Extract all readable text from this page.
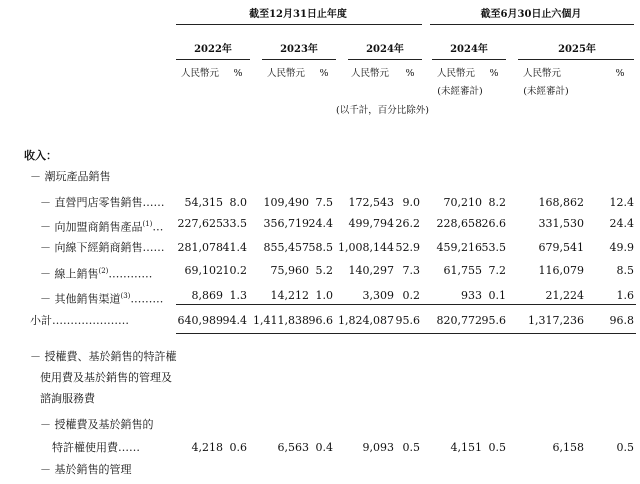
截至12月31日止年度	截至6月30日止六個月
2022年	2023年	2024年	2024年	2025年
人民幣元	%	人民幣元	%	人民幣元	%	人民幣元	%	人民幣元	%
(未經審計)	(未經審計)
(以千計，百分比除外)
收入：
－ 潮玩產品銷售
－ 直營門店零售銷售…… 54,315 8.0 109,490 7.5 172,543 9.0 70,210 8.2	168,862 12.4
－ 向加盟商銷售產品$^{(1)}$… 227,625 33.5 356,719 24.4 499,794 26.2 228,658 26.6	331,530 24.4
－ 向線下經銷商銷售…… 281,078 41.4 855,457 58.5 1,008,144 52.9 459,216 53.5	679,541 49.9
－ 線上銷售$^{(2)}$…………	69,102 10.2 75,960 5.2 140,297 7.3 61,755 7.2	116,079	8.5
－ 其他銷售渠道$^{(3)}$………	8,869 1.3 14,212 1.0	3,309 0.2	933 0.1	21,224	1.6
小計…………………	640,989 94.4 1,411,838 96.6 1,824,087 95.6 820,772 95.6 1,317,236 96.8
－ 授權費、基於銷售的特許權
使用費及基於銷售的管理及
諮詢服務費
－ 授權費及基於銷售的
特許權使用費……	4,218 0.6	6,563 0.4	9,093 0.5	4,151 0.5	6,158	0.5
－ 基於銷售的管理
